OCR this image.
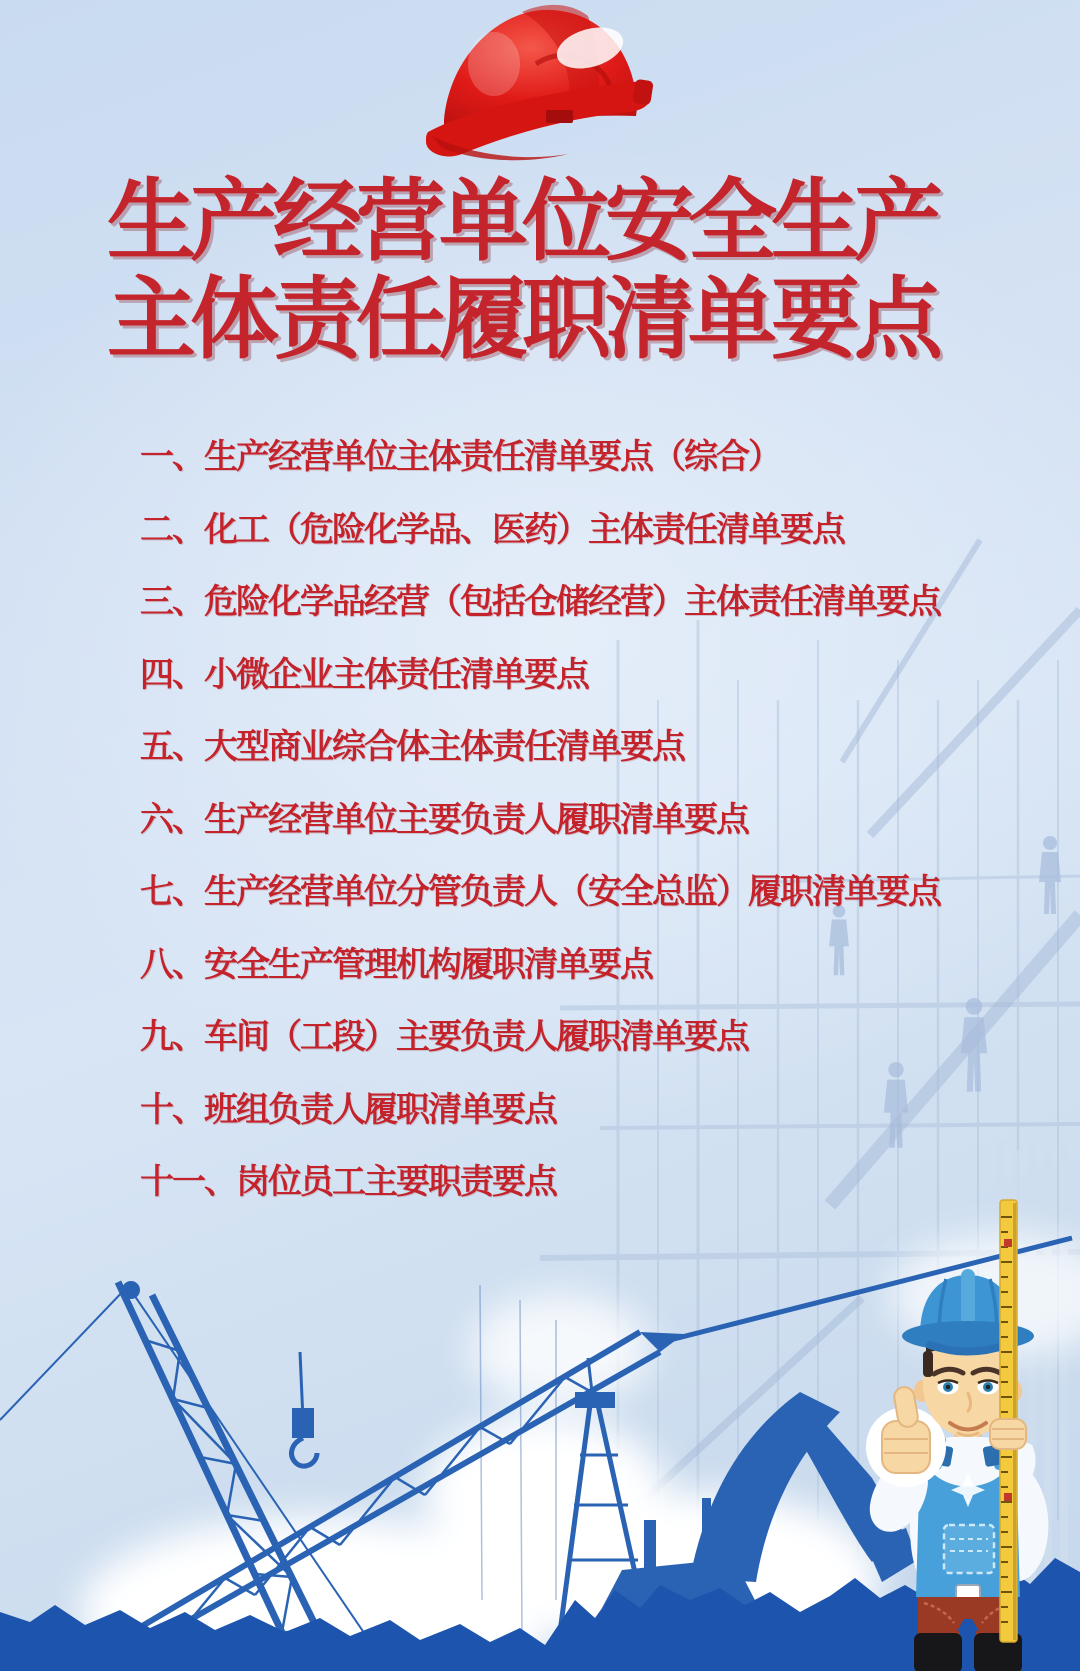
生产经营单位安全生产
主体责任履职清单要点
一、生产经营单位主体责任清单要点（综合）
二、化工（危险化学品、医药）主体责任清单要点
三、危险化学品经营（包括仓储经营）主体责任清单要点
四、小微企业主体责任清单要点
五、大型商业综合体主体责任清单要点
六、生产经营单位主要负责人履职清单要点
七、生产经营单位分管负责人（安全总监）履职清单要点
八、安全生产管理机构履职清单要点
九、车间（工段）主要负责人履职清单要点
十、班组负责人履职清单要点
十一、岗位员工主要职责要点
